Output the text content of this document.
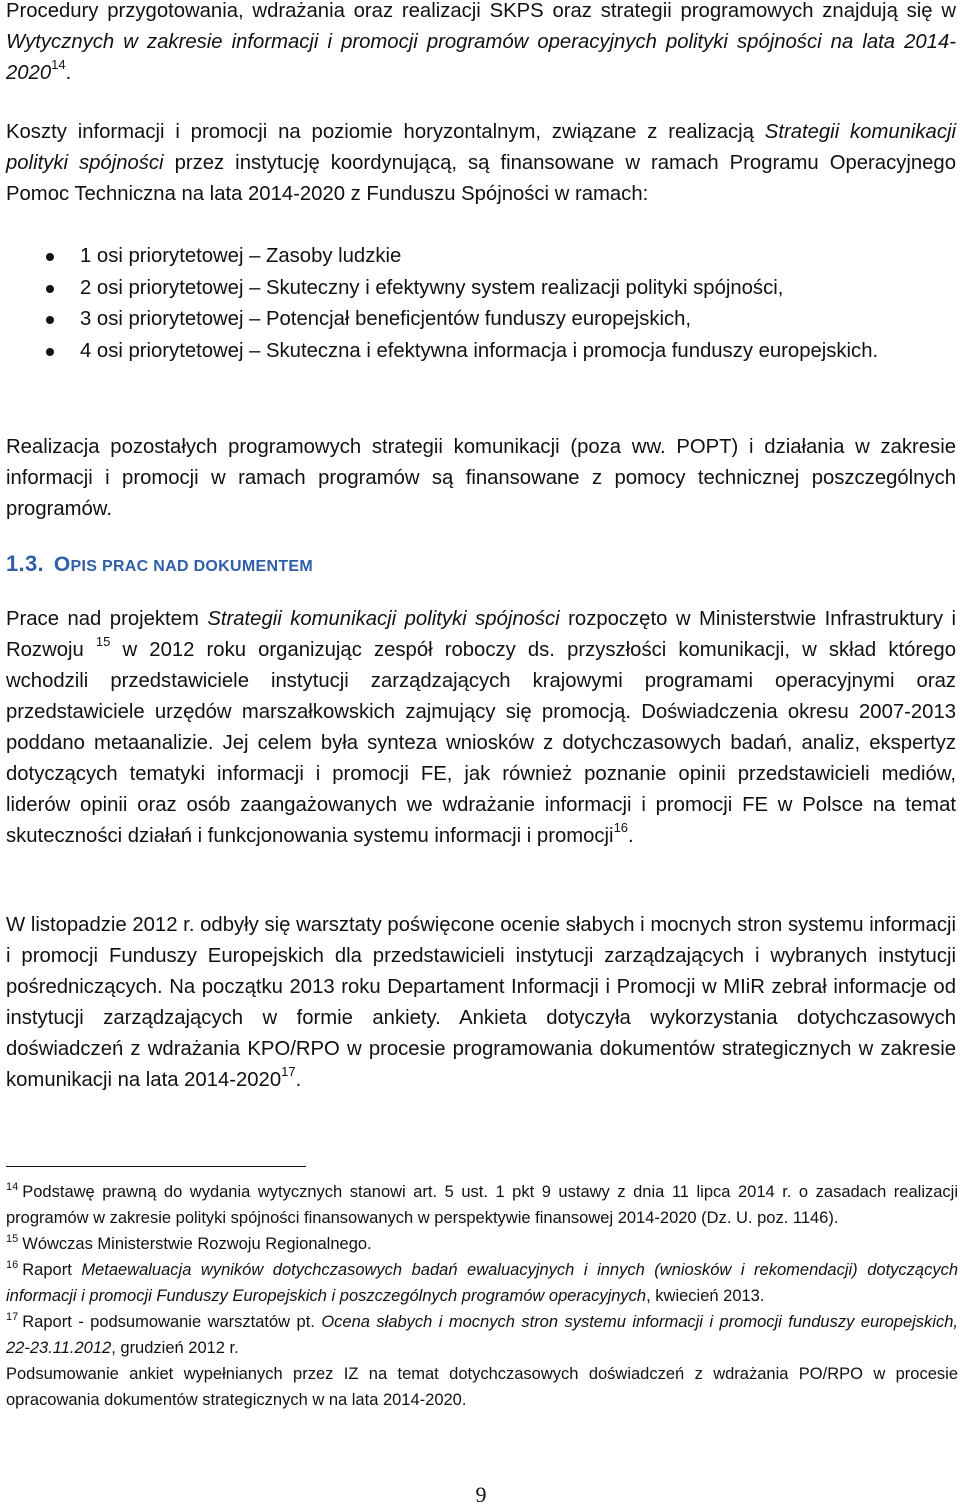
Procedury przygotowania, wdrażania oraz realizacji SKPS oraz strategii programowych znajdują się w Wytycznych w zakresie informacji i promocji programów operacyjnych polityki spójności na lata 2014-2020$^{14}$.

Koszty informacji i promocji na poziomie horyzontalnym, związane z realizacją Strategii komunikacji polityki spójności przez instytucję koordynującą, są finansowane w ramach Programu Operacyjnego Pomoc Techniczna na lata 2014-2020 z Funduszu Spójności w ramach:

1 osi priorytetowej – Zasoby ludzkie
2 osi priorytetowej – Skuteczny i efektywny system realizacji polityki spójności,
3 osi priorytetowej – Potencjał beneficjentów funduszy europejskich,
4 osi priorytetowej – Skuteczna i efektywna informacja i promocja funduszy europejskich.

Realizacja pozostałych programowych strategii komunikacji (poza ww. POPT) i działania w zakresie informacji i promocji w ramach programów są finansowane z pomocy technicznej poszczególnych programów.

1.3. OPIS PRAC NAD DOKUMENTEM

Prace nad projektem Strategii komunikacji polityki spójności rozpoczęto w Ministerstwie Infrastruktury i Rozwoju $^{15}$ w 2012 roku organizując zespół roboczy ds. przyszłości komunikacji, w skład którego wchodzili przedstawiciele instytucji zarządzających krajowymi programami operacyjnymi oraz przedstawiciele urzędów marszałkowskich zajmujący się promocją. Doświadczenia okresu 2007-2013 poddano metaanalizie. Jej celem była synteza wniosków z dotychczasowych badań, analiz, ekspertyz dotyczących tematyki informacji i promocji FE, jak również poznanie opinii przedstawicieli mediów, liderów opinii oraz osób zaangażowanych we wdrażanie informacji i promocji FE w Polsce na temat skuteczności działań i funkcjonowania systemu informacji i promocji$^{16}$.

W listopadzie 2012 r. odbyły się warsztaty poświęcone ocenie słabych i mocnych stron systemu informacji i promocji Funduszy Europejskich dla przedstawicieli instytucji zarządzających i wybranych instytucji pośredniczących. Na początku 2013 roku Departament Informacji i Promocji w MIiR zebrał informacje od instytucji zarządzających w formie ankiety. Ankieta dotyczyła wykorzystania dotychczasowych doświadczeń z wdrażania KPO/RPO w procesie programowania dokumentów strategicznych w zakresie komunikacji na lata 2014-2020$^{17}$.

$^{14}$ Podstawę prawną do wydania wytycznych stanowi art. 5 ust. 1 pkt 9 ustawy z dnia 11 lipca 2014 r. o zasadach realizacji programów w zakresie polityki spójności finansowanych w perspektywie finansowej 2014-2020 (Dz. U. poz. 1146).

$^{15}$ Wówczas Ministerstwie Rozwoju Regionalnego.

$^{16}$ Raport Metaewaluacja wyników dotychczasowych badań ewaluacyjnych i innych (wniosków i rekomendacji) dotyczących informacji i promocji Funduszy Europejskich i poszczególnych programów operacyjnych, kwiecień 2013.

$^{17}$ Raport - podsumowanie warsztatów pt. Ocena słabych i mocnych stron systemu informacji i promocji funduszy europejskich, 22-23.11.2012, grudzień 2012 r.

Podsumowanie ankiet wypełnianych przez IZ na temat dotychczasowych doświadczeń z wdrażania PO/RPO w procesie opracowania dokumentów strategicznych w na lata 2014-2020.

9
